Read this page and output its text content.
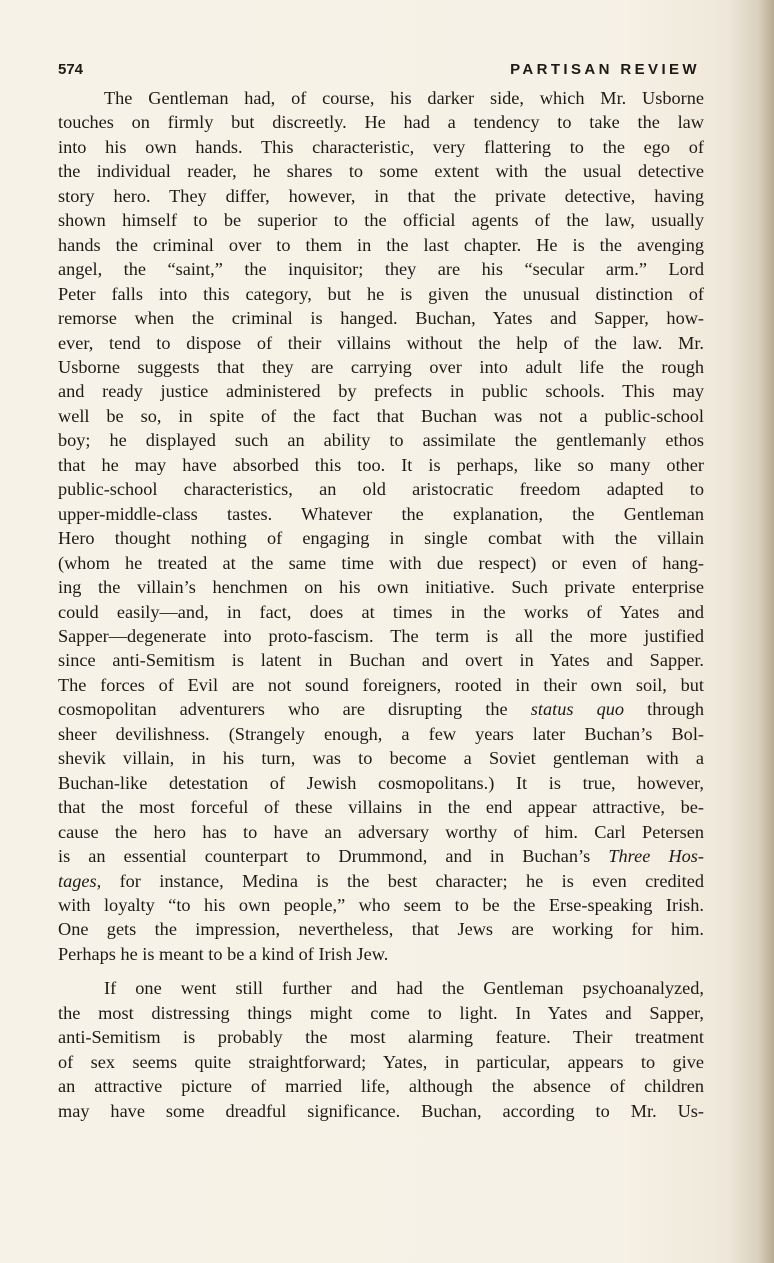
574	PARTISAN REVIEW

The Gentleman had, of course, his darker side, which Mr. Usborne
touches on firmly but discreetly. He had a tendency to take the law
into his own hands. This characteristic, very flattering to the ego of
the individual reader, he shares to some extent with the usual detective
story hero. They differ, however, in that the private detective, having
shown himself to be superior to the official agents of the law, usually
hands the criminal over to them in the last chapter. He is the avenging
angel, the “saint,” the inquisitor; they are his “secular arm.” Lord
Peter falls into this category, but he is given the unusual distinction of
remorse when the criminal is hanged. Buchan, Yates and Sapper, how-
ever, tend to dispose of their villains without the help of the law. Mr.
Usborne suggests that they are carrying over into adult life the rough
and ready justice administered by prefects in public schools. This may
well be so, in spite of the fact that Buchan was not a public-school
boy; he displayed such an ability to assimilate the gentlemanly ethos
that he may have absorbed this too. It is perhaps, like so many other
public-school characteristics, an old aristocratic freedom adapted to
upper-middle-class tastes. Whatever the explanation, the Gentleman
Hero thought nothing of engaging in single combat with the villain
(whom he treated at the same time with due respect) or even of hang-
ing the villain’s henchmen on his own initiative. Such private enterprise
could easily—and, in fact, does at times in the works of Yates and
Sapper—degenerate into proto-fascism. The term is all the more justified
since anti-Semitism is latent in Buchan and overt in Yates and Sapper.
The forces of Evil are not sound foreigners, rooted in their own soil, but
cosmopolitan adventurers who are disrupting the status quo through
sheer devilishness. (Strangely enough, a few years later Buchan’s Bol-
shevik villain, in his turn, was to become a Soviet gentleman with a
Buchan-like detestation of Jewish cosmopolitans.) It is true, however,
that the most forceful of these villains in the end appear attractive, be-
cause the hero has to have an adversary worthy of him. Carl Petersen
is an essential counterpart to Drummond, and in Buchan’s Three Hos-
tages, for instance, Medina is the best character; he is even credited
with loyalty “to his own people,” who seem to be the Erse-speaking Irish.
One gets the impression, nevertheless, that Jews are working for him.
Perhaps he is meant to be a kind of Irish Jew.

If one went still further and had the Gentleman psychoanalyzed,
the most distressing things might come to light. In Yates and Sapper,
anti-Semitism is probably the most alarming feature. Their treatment
of sex seems quite straightforward; Yates, in particular, appears to give
an attractive picture of married life, although the absence of children
may have some dreadful significance. Buchan, according to Mr. Us-
